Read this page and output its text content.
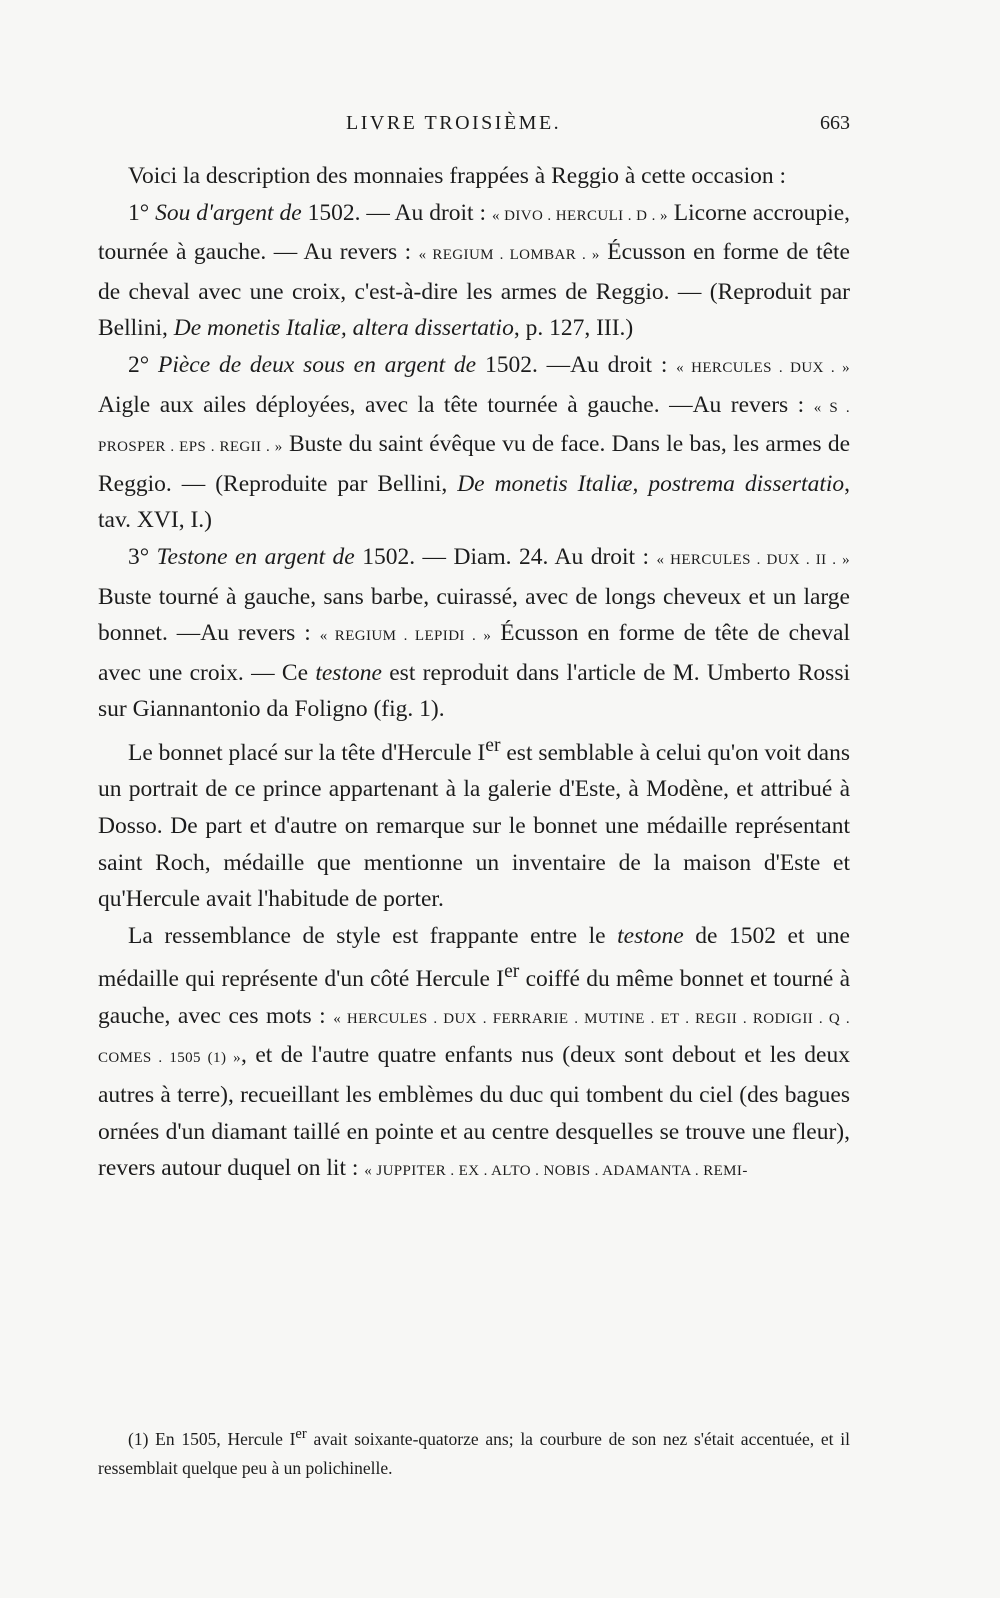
LIVRE TROISIÈME.	663

Voici la description des monnaies frappées à Reggio à cette occasion :

1° Sou d'argent de 1502. — Au droit : « DIVO . HERCULI . D . » Licorne accroupie, tournée à gauche. — Au revers : « REGIUM . LOMBAR . » Écusson en forme de tête de cheval avec une croix, c'est-à-dire les armes de Reggio. — (Reproduit par Bellini, De monetis Italiæ, altera dissertatio, p. 127, III.)

2° Pièce de deux sous en argent de 1502. —Au droit : « HERCULES . DUX . » Aigle aux ailes déployées, avec la tête tournée à gauche. —Au revers : « S . PROSPER . EPS . REGII . » Buste du saint évêque vu de face. Dans le bas, les armes de Reggio. — (Reproduite par Bellini, De monetis Italiæ, postrema dissertatio, tav. XVI, I.)

3° Testone en argent de 1502. — Diam. 24. Au droit : « HERCULES . DUX . II . » Buste tourné à gauche, sans barbe, cuirassé, avec de longs cheveux et un large bonnet. —Au revers : « REGIUM . LEPIDI . » Écusson en forme de tête de cheval avec une croix. — Ce testone est reproduit dans l'article de M. Umberto Rossi sur Giannantonio da Foligno (fig. 1).

Le bonnet placé sur la tête d'Hercule Ier est semblable à celui qu'on voit dans un portrait de ce prince appartenant à la galerie d'Este, à Modène, et attribué à Dosso. De part et d'autre on remarque sur le bonnet une médaille représentant saint Roch, médaille que mentionne un inventaire de la maison d'Este et qu'Hercule avait l'habitude de porter.

La ressemblance de style est frappante entre le testone de 1502 et une médaille qui représente d'un côté Hercule Ier coiffé du même bonnet et tourné à gauche, avec ces mots : « HERCULES . DUX . FERRARIE . MUTINE . ET . REGII . RODIGII . Q . COMES . 1505 (1) », et de l'autre quatre enfants nus (deux sont debout et les deux autres à terre), recueillant les emblèmes du duc qui tombent du ciel (des bagues ornées d'un diamant taillé en pointe et au centre desquelles se trouve une fleur), revers autour duquel on lit : « JUPPITER . EX . ALTO . NOBIS . ADAMANTA . REMI-

(1) En 1505, Hercule Ier avait soixante-quatorze ans; la courbure de son nez s'était accentuée, et il ressemblait quelque peu à un polichinelle.
